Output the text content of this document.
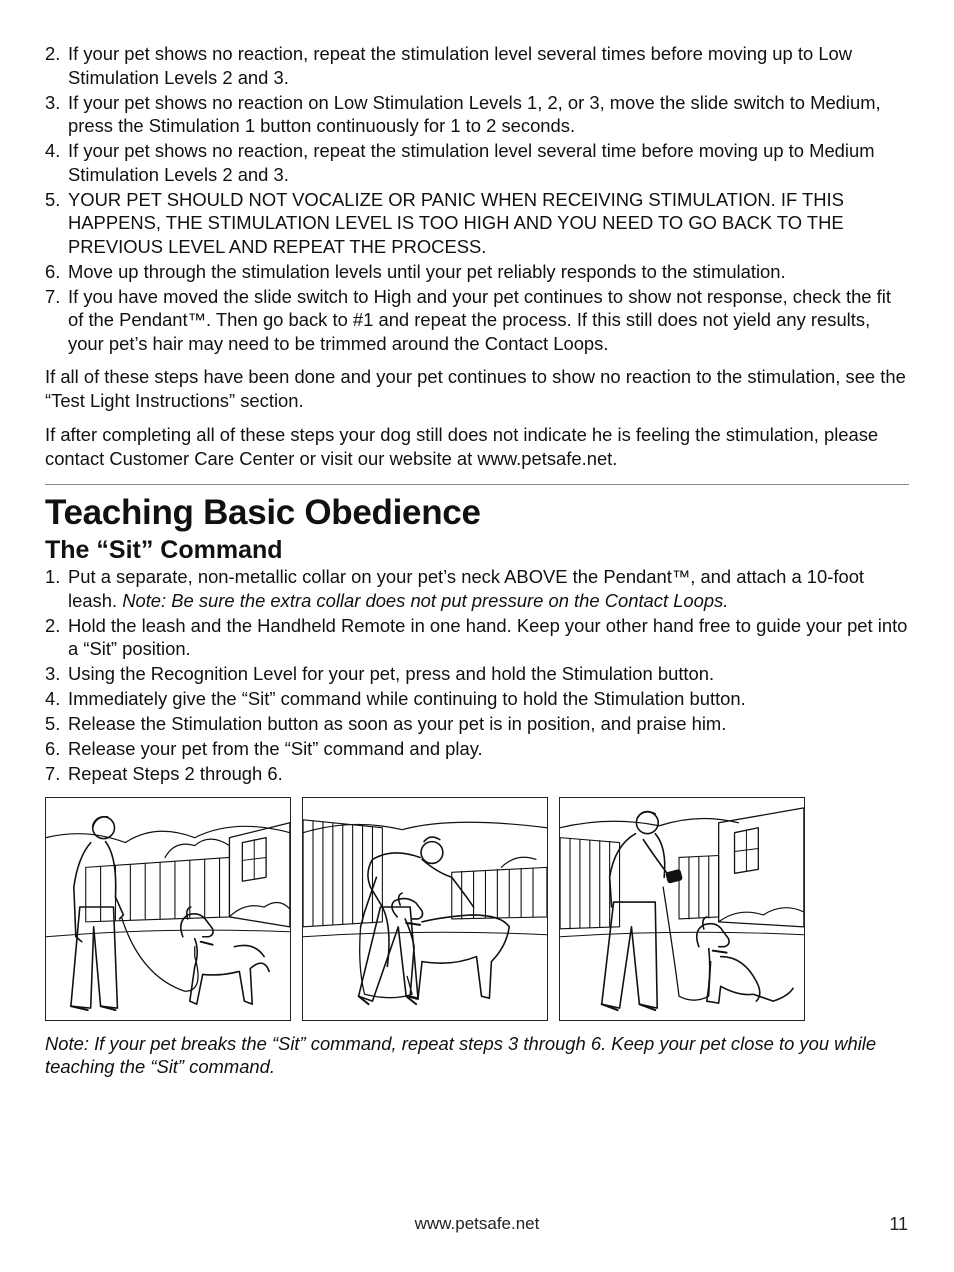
2. If your pet shows no reaction, repeat the stimulation level several times before moving up to Low Stimulation Levels 2 and 3.
3. If your pet shows no reaction on Low Stimulation Levels 1, 2, or 3, move the slide switch to Medium, press the Stimulation 1 button continuously for 1 to 2 seconds.
4. If your pet shows no reaction, repeat the stimulation level several time before moving up to Medium Stimulation Levels 2 and 3.
5. YOUR PET SHOULD NOT VOCALIZE OR PANIC WHEN RECEIVING STIMULATION. IF THIS HAPPENS, THE STIMULATION LEVEL IS TOO HIGH AND YOU NEED TO GO BACK TO THE PREVIOUS LEVEL AND REPEAT THE PROCESS.
6. Move up through the stimulation levels until your pet reliably responds to the stimulation.
7. If you have moved the slide switch to High and your pet continues to show not response, check the fit of the Pendant™. Then go back to #1 and repeat the process. If this still does not yield any results, your pet’s hair may need to be trimmed around the Contact Loops.

If all of these steps have been done and your pet continues to show no reaction to the stimulation, see the “Test Light Instructions” section.

If after completing all of these steps your dog still does not indicate he is feeling the stimulation, please contact Customer Care Center or visit our website at www.petsafe.net.

Teaching Basic Obedience
The “Sit” Command
1. Put a separate, non-metallic collar on your pet’s neck ABOVE the Pendant™, and attach a 10-foot leash. Note: Be sure the extra collar does not put pressure on the Contact Loops.
2. Hold the leash and the Handheld Remote in one hand. Keep your other hand free to guide your pet into a “Sit” position.
3. Using the Recognition Level for your pet, press and hold the Stimulation button.
4. Immediately give the “Sit” command while continuing to hold the Stimulation button.
5. Release the Stimulation button as soon as your pet is in position, and praise him.
6. Release your pet from the “Sit” command and play.
7. Repeat Steps 2 through 6.

Note: If your pet breaks the “Sit” command, repeat steps 3 through 6. Keep your pet close to you while teaching the “Sit” command.

www.petsafe.net	11
